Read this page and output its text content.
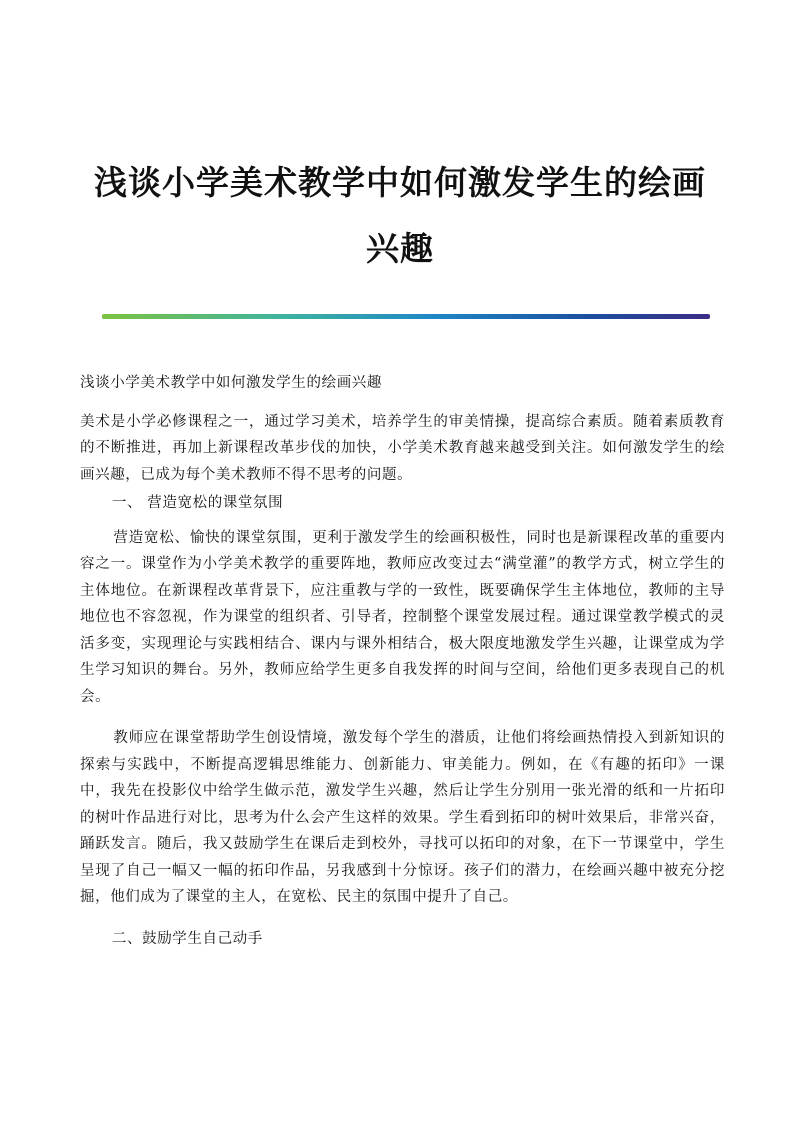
浅谈小学美术教学中如何激发学生的绘画兴趣

浅谈小学美术教学中如何激发学生的绘画兴趣

美术是小学必修课程之一，通过学习美术，培养学生的审美情操，提高综合素质。随着素质教育的不断推进，再加上新课程改革步伐的加快，小学美术教育越来越受到关注。如何激发学生的绘画兴趣，已成为每个美术教师不得不思考的问题。

一、 营造宽松的课堂氛围

营造宽松、愉快的课堂氛围，更利于激发学生的绘画积极性，同时也是新课程改革的重要内容之一。课堂作为小学美术教学的重要阵地，教师应改变过去“满堂灌”的教学方式，树立学生的主体地位。在新课程改革背景下，应注重教与学的一致性，既要确保学生主体地位，教师的主导地位也不容忽视，作为课堂的组织者、引导者，控制整个课堂发展过程。通过课堂教学模式的灵活多变，实现理论与实践相结合、课内与课外相结合，极大限度地激发学生兴趣，让课堂成为学生学习知识的舞台。另外，教师应给学生更多自我发挥的时间与空间，给他们更多表现自己的机会。

教师应在课堂帮助学生创设情境，激发每个学生的潜质，让他们将绘画热情投入到新知识的探索与实践中，不断提高逻辑思维能力、创新能力、审美能力。例如，在《有趣的拓印》一课中，我先在投影仪中给学生做示范，激发学生兴趣，然后让学生分别用一张光滑的纸和一片拓印的树叶作品进行对比，思考为什么会产生这样的效果。学生看到拓印的树叶效果后，非常兴奋，踊跃发言。随后，我又鼓励学生在课后走到校外，寻找可以拓印的对象，在下一节课堂中，学生呈现了自己一幅又一幅的拓印作品，另我感到十分惊讶。孩子们的潜力，在绘画兴趣中被充分挖掘，他们成为了课堂的主人，在宽松、民主的氛围中提升了自己。

二、鼓励学生自己动手
